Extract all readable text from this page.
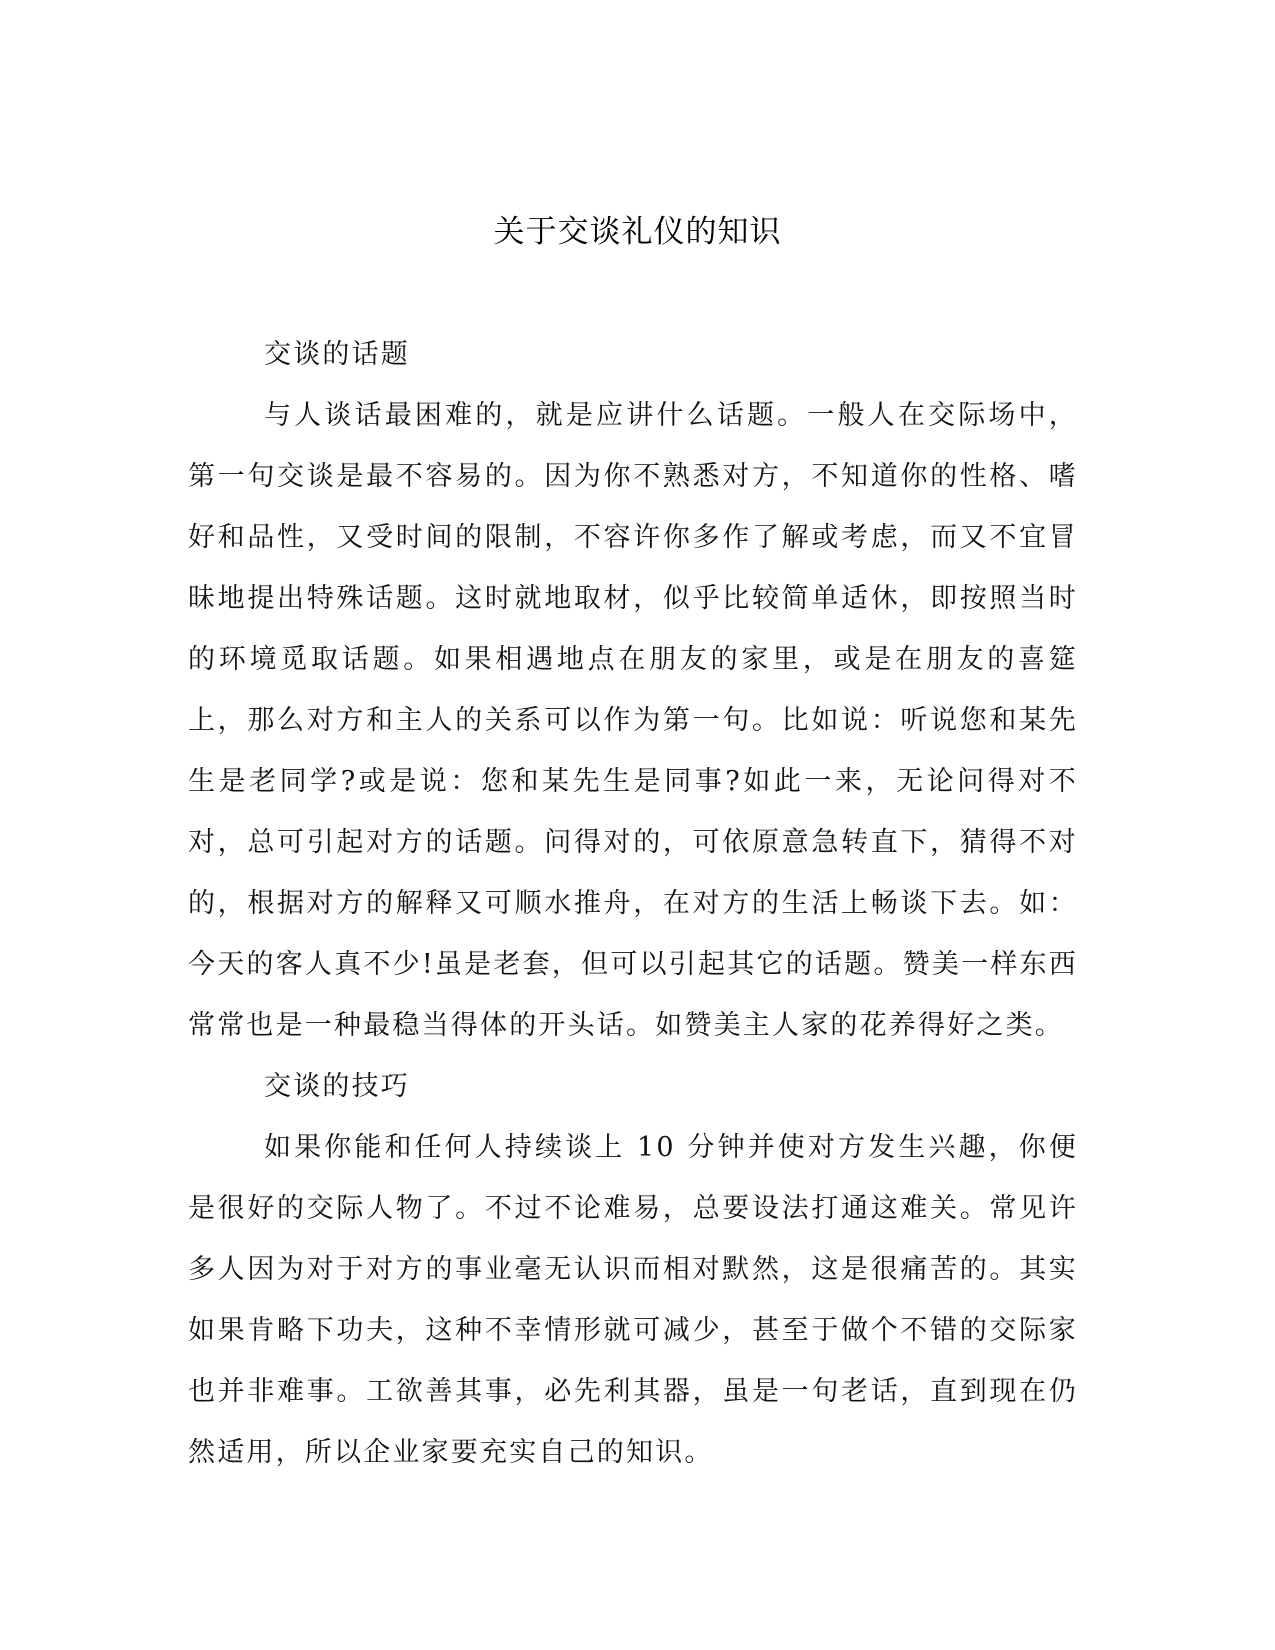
关于交谈礼仪的知识

交谈的话题

与人谈话最困难的，就是应讲什么话题。一般人在交际场中，第一句交谈是最不容易的。因为你不熟悉对方，不知道你的性格、嗜好和品性，又受时间的限制，不容许你多作了解或考虑，而又不宜冒昧地提出特殊话题。这时就地取材，似乎比较简单适休，即按照当时的环境觅取话题。如果相遇地点在朋友的家里，或是在朋友的喜筵上，那么对方和主人的关系可以作为第一句。比如说：听说您和某先生是老同学?或是说：您和某先生是同事?如此一来，无论问得对不对，总可引起对方的话题。问得对的，可依原意急转直下，猜得不对的，根据对方的解释又可顺水推舟，在对方的生活上畅谈下去。如：今天的客人真不少!虽是老套，但可以引起其它的话题。赞美一样东西常常也是一种最稳当得体的开头话。如赞美主人家的花养得好之类。

交谈的技巧

如果你能和任何人持续谈上 10 分钟并使对方发生兴趣，你便是很好的交际人物了。不过不论难易，总要设法打通这难关。常见许多人因为对于对方的事业毫无认识而相对默然，这是很痛苦的。其实如果肯略下功夫，这种不幸情形就可减少，甚至于做个不错的交际家也并非难事。工欲善其事，必先利其器，虽是一句老话，直到现在仍然适用，所以企业家要充实自己的知识。
